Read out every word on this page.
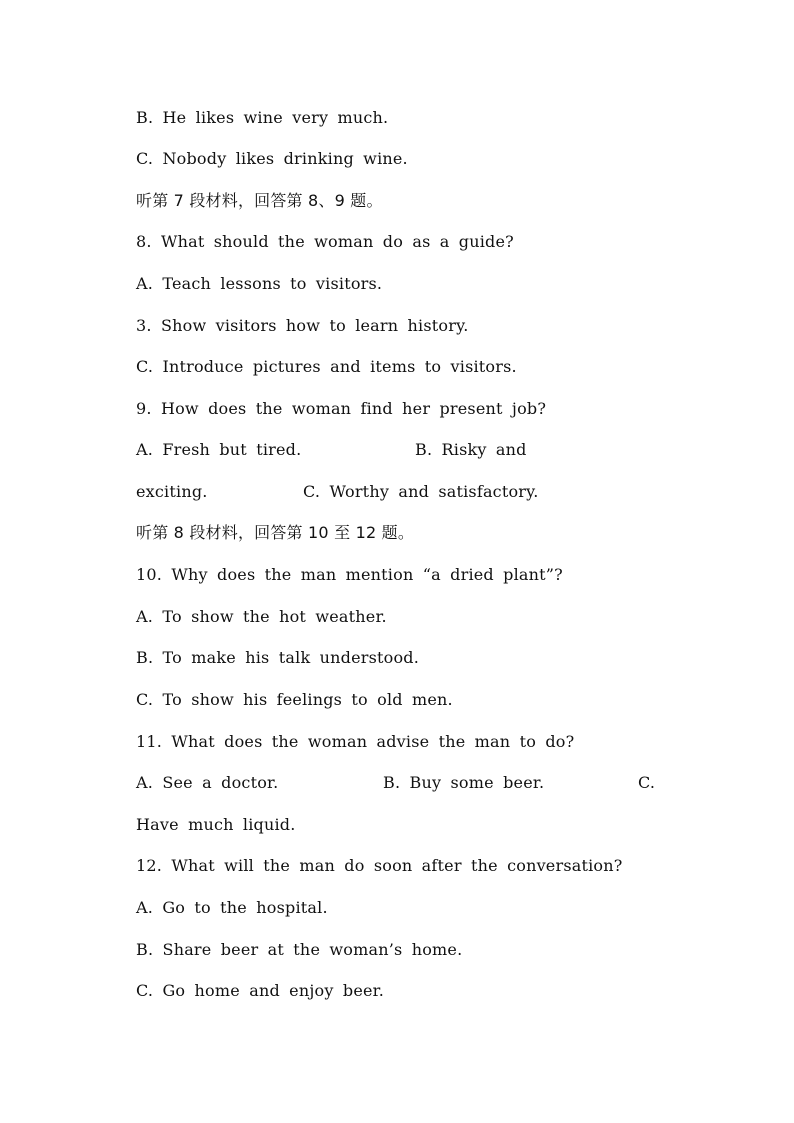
B. He likes wine very much.
C. Nobody likes drinking wine.
听第 7 段材料，回答第 8、9 题。
8. What should the woman do as a guide?
A. Teach lessons to visitors.
3. Show visitors how to learn history.
C. Introduce pictures and items to visitors.
9. How does the woman find her present job?
A. Fresh but tired.	B. Risky and
exciting.	C. Worthy and satisfactory.
听第 8 段材料，回答第 10 至 12 题。
10. Why does the man mention “a dried plant”?
A. To show the hot weather.
B. To make his talk understood.
C. To show his feelings to old men.
11. What does the woman advise the man to do?
A. See a doctor.	B. Buy some beer.	C.
Have much liquid.
12. What will the man do soon after the conversation?
A. Go to the hospital.
B. Share beer at the woman’s home.
C. Go home and enjoy beer.
